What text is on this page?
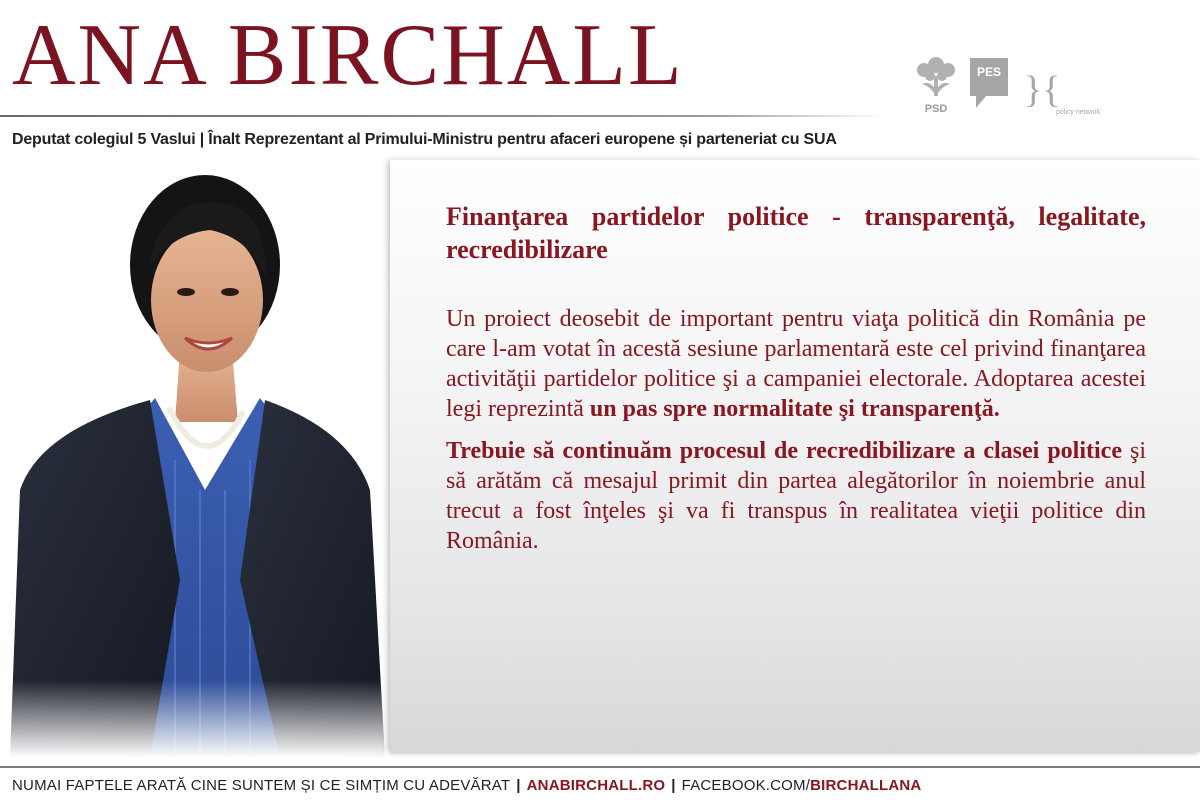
ANA BIRCHALL
PSD
PES }{
policy network

Deputat colegiul 5 Vaslui | Înalt Reprezentant al Primului-Ministru pentru afaceri europene și parteneriat cu SUA

Finanţarea partidelor politice - transparenţă, legalitate, recredibilizare

Un proiect deosebit de important pentru viaţa politică din România pe care l-am votat în acestă sesiune parlamentară este cel privind finanţarea activităţii partidelor politice şi a campaniei electorale. Adoptarea acestei legi reprezintă un pas spre normalitate şi transparenţă.

Trebuie să continuăm procesul de recredibilizare a clasei politice şi să arătăm că mesajul primit din partea alegătorilor în noiembrie anul trecut a fost înţeles şi va fi transpus în realitatea vieţii politice din România.

NUMAI FAPTELE ARATĂ CINE SUNTEM ȘI CE SIMȚIM CU ADEVĂRAT | ANABIRCHALL.RO | FACEBOOK.COM/BIRCHALLANA
